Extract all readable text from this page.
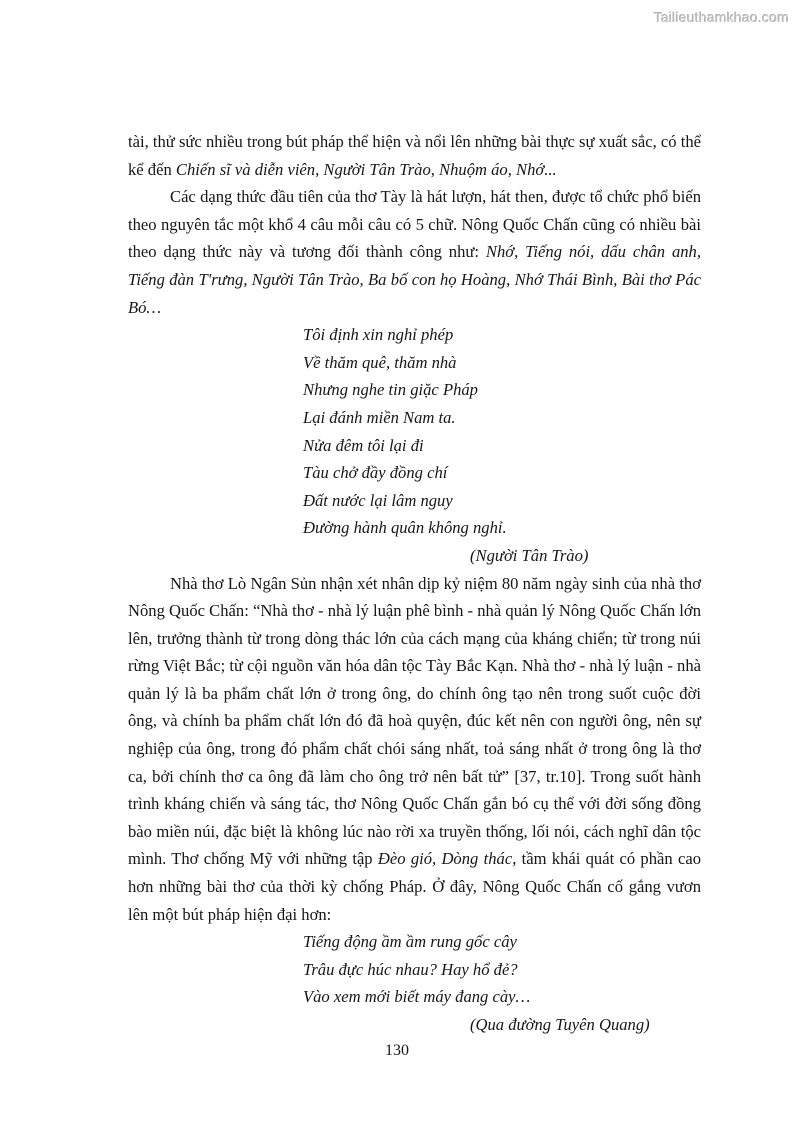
Tailieuthamkhao.com

tài, thử sức nhiều trong bút pháp thể hiện và nổi lên những bài thực sự xuất sắc, có thể kể đến Chiến sĩ và diễn viên, Người Tân Trào, Nhuộm áo, Nhớ...

Các dạng thức đầu tiên của thơ Tày là hát lượn, hát then, được tổ chức phổ biến theo nguyên tắc một khổ 4 câu mỗi câu có 5 chữ. Nông Quốc Chấn cũng có nhiều bài theo dạng thức này và tương đối thành công như: Nhớ, Tiếng nói, dấu chân anh, Tiếng đàn T'rưng, Người Tân Trào, Ba bố con họ Hoàng, Nhớ Thái Bình, Bài thơ Pác Bó…

Tôi định xin nghỉ phép
Về thăm quê, thăm nhà
Nhưng nghe tin giặc Pháp
Lại đánh miền Nam ta.
Nửa đêm tôi lại đi
Tàu chở đầy đồng chí
Đất nước lại lâm nguy
Đường hành quân không nghỉ.
(Người Tân Trào)

Nhà thơ Lò Ngân Sủn nhận xét nhân dịp kỷ niệm 80 năm ngày sinh của nhà thơ Nông Quốc Chấn: “Nhà thơ - nhà lý luận phê bình - nhà quản lý Nông Quốc Chấn lớn lên, trưởng thành từ trong dòng thác lớn của cách mạng của kháng chiến; từ trong núi rừng Việt Bắc; từ cội nguồn văn hóa dân tộc Tày Bắc Kạn. Nhà thơ - nhà lý luận - nhà quản lý là ba phẩm chất lớn ở trong ông, do chính ông tạo nên trong suốt cuộc đời ông, và chính ba phẩm chất lớn đó đã hoà quyện, đúc kết nên con người ông, nên sự nghiệp của ông, trong đó phẩm chất chói sáng nhất, toả sáng nhất ở trong ông là thơ ca, bởi chính thơ ca ông đã làm cho ông trở nên bất tử” [37, tr.10]. Trong suốt hành trình kháng chiến và sáng tác, thơ Nông Quốc Chấn gắn bó cụ thể với đời sống đồng bào miền núi, đặc biệt là không lúc nào rời xa truyền thống, lối nói, cách nghĩ dân tộc mình. Thơ chống Mỹ với những tập Đèo gió, Dòng thác, tầm khái quát có phần cao hơn những bài thơ của thời kỳ chống Pháp. Ở đây, Nông Quốc Chấn cố gắng vươn lên một bút pháp hiện đại hơn:

Tiếng động ầm ầm rung gốc cây
Trâu đực húc nhau? Hay hổ đẻ?
Vào xem mới biết máy đang cày…
(Qua đường Tuyên Quang)
130
